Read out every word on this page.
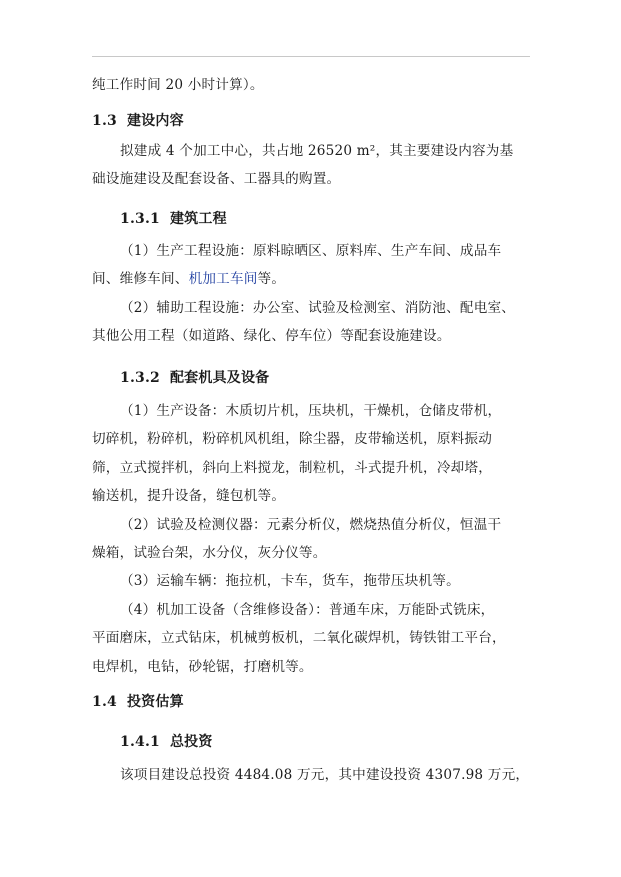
纯工作时间 20 小时计算）。
1.3 建设内容
拟建成 4 个加工中心，共占地 26520 m²，其主要建设内容为基
础设施建设及配套设备、工器具的购置。
1.3.1 建筑工程
（1）生产工程设施：原料晾晒区、原料库、生产车间、成品车
间、维修车间、机加工车间等。
（2）辅助工程设施：办公室、试验及检测室、消防池、配电室、
其他公用工程（如道路、绿化、停车位）等配套设施建设。
1.3.2 配套机具及设备
（1）生产设备：木质切片机，压块机，干燥机，仓储皮带机，
切碎机，粉碎机，粉碎机风机组，除尘器，皮带输送机，原料振动
筛，立式搅拌机，斜向上料搅龙，制粒机，斗式提升机，冷却塔，
输送机，提升设备，缝包机等。
（2）试验及检测仪器：元素分析仪，燃烧热值分析仪，恒温干
燥箱，试验台架，水分仪，灰分仪等。
（3）运输车辆：拖拉机，卡车，货车，拖带压块机等。
（4）机加工设备（含维修设备）：普通车床，万能卧式铣床，
平面磨床，立式钻床，机械剪板机，二氧化碳焊机，铸铁钳工平台，
电焊机，电钻，砂轮锯，打磨机等。
1.4 投资估算
1.4.1 总投资
该项目建设总投资 4484.08 万元，其中建设投资 4307.98 万元，
